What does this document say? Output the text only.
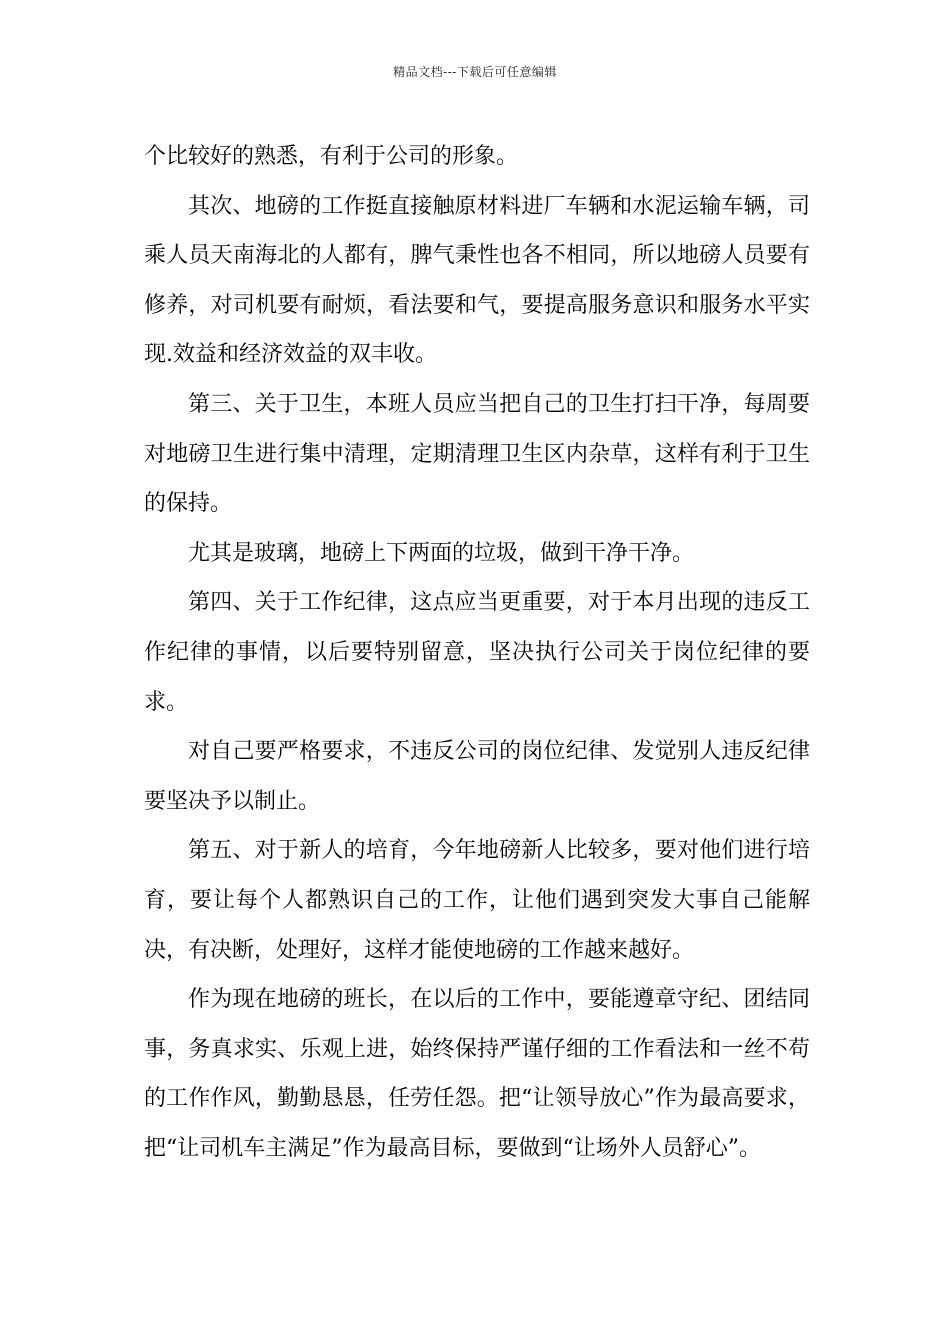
精品文档---下载后可任意编辑

个比较好的熟悉，有利于公司的形象。

其次、地磅的工作挺直接触原材料进厂车辆和水泥运输车辆，司乘人员天南海北的人都有，脾气秉性也各不相同，所以地磅人员要有修养，对司机要有耐烦，看法要和气，要提高服务意识和服务水平实现.效益和经济效益的双丰收。

第三、关于卫生，本班人员应当把自己的卫生打扫干净，每周要对地磅卫生进行集中清理，定期清理卫生区内杂草，这样有利于卫生的保持。

尤其是玻璃，地磅上下两面的垃圾，做到干净干净。

第四、关于工作纪律，这点应当更重要，对于本月出现的违反工作纪律的事情，以后要特别留意，坚决执行公司关于岗位纪律的要求。

对自己要严格要求，不违反公司的岗位纪律、发觉别人违反纪律要坚决予以制止。

第五、对于新人的培育，今年地磅新人比较多，要对他们进行培育，要让每个人都熟识自己的工作，让他们遇到突发大事自己能解决，有决断，处理好，这样才能使地磅的工作越来越好。

作为现在地磅的班长，在以后的工作中，要能遵章守纪、团结同事，务真求实、乐观上进，始终保持严谨仔细的工作看法和一丝不苟的工作作风，勤勤恳恳，任劳任怨。把“让领导放心”作为最高要求，把“让司机车主满足”作为最高目标，要做到“让场外人员舒心”。
